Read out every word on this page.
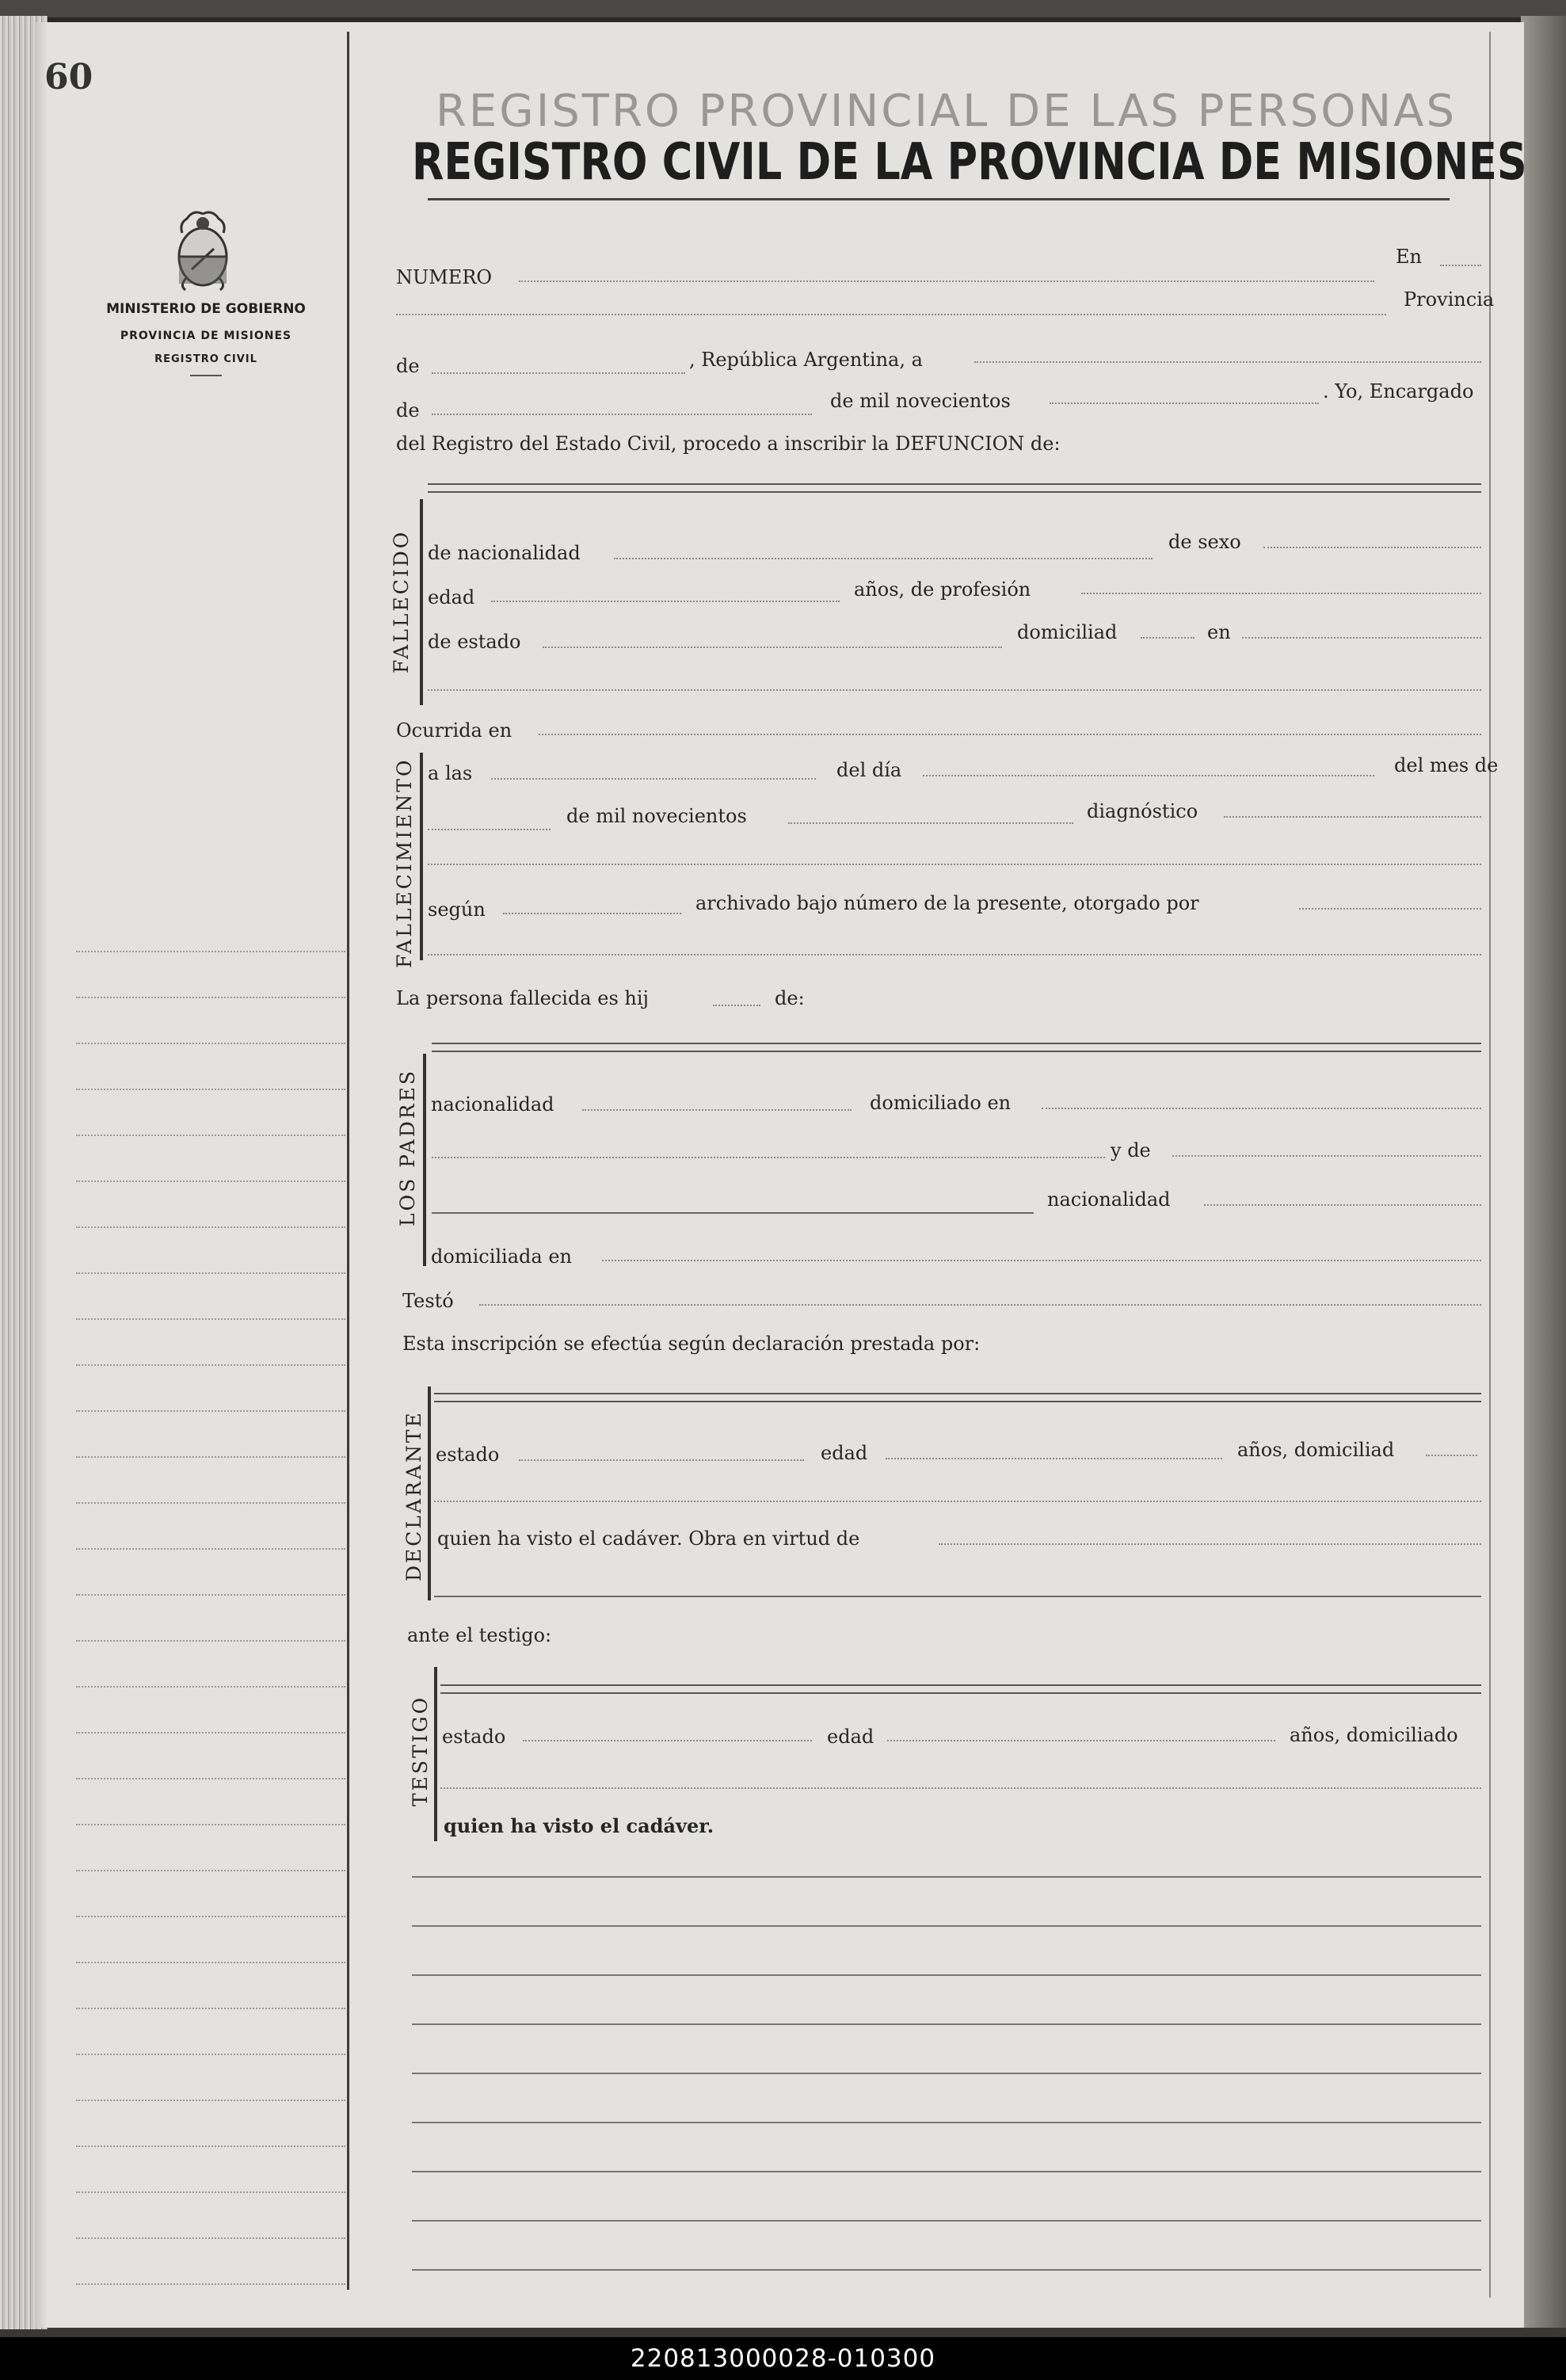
60
MINISTERIO DE GOBIERNO
PROVINCIA DE MISIONES
REGISTRO CIVIL
REGISTRO PROVINCIAL DE LAS PERSONAS
REGISTRO CIVIL DE LA PROVINCIA DE MISIONES
En
NUMERO
Provincia
de	, República Argentina, a
de	de mil novecientos	. Yo, Encargado
del Registro del Estado Civil, procedo a inscribir la DEFUNCION de:
FALLECIDO de nacionalidad	de sexo
edad	años, de profesión
de estado	domiciliad	en
Ocurrida en
FALLECIMIENTO a las	del día	del mes de
de mil novecientos	diagnóstico
según	archivado bajo número de la presente, otorgado por
La persona fallecida es hij	de:
LOS PADRES nacionalidad	domiciliado en
y de
nacionalidad
domiciliada en
Testó
Esta inscripción se efectúa según declaración prestada por:
DECLARANTE estado	edad	años, domiciliad
quien ha visto el cadáver. Obra en virtud de
ante el testigo:
TESTIGO estado	edad	años, domiciliado
quien ha visto el cadáver.
220813000028-010300
